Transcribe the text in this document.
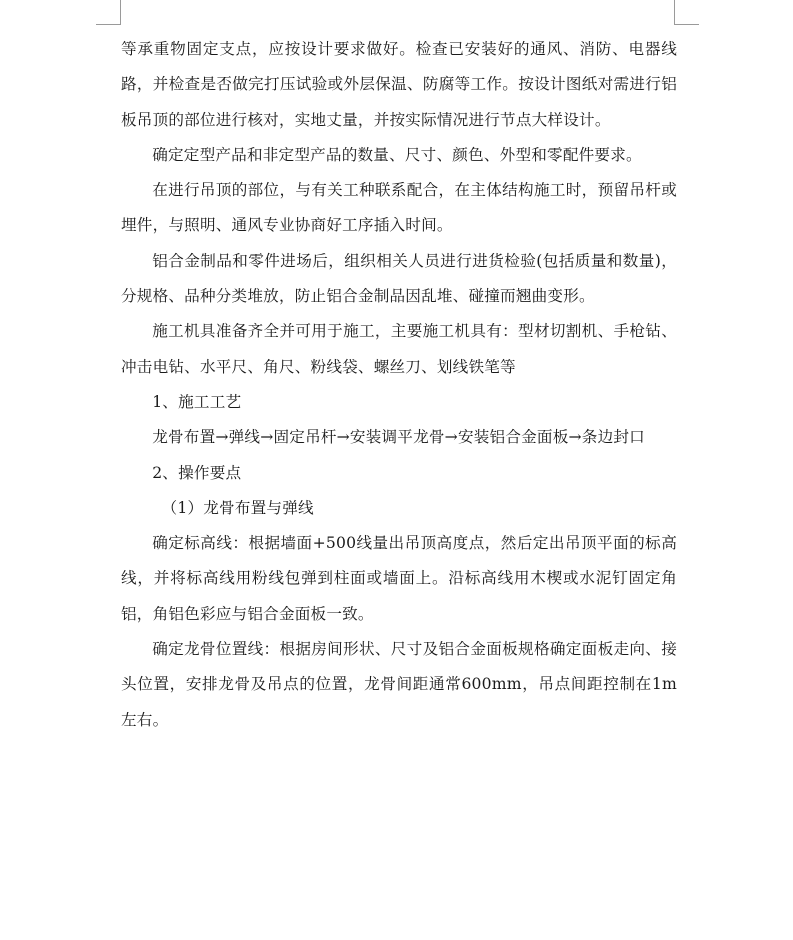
等承重物固定支点，应按设计要求做好。检查已安装好的通风、消防、电器线路，并检查是否做完打压试验或外层保温、防腐等工作。按设计图纸对需进行铝板吊顶的部位进行核对，实地丈量，并按实际情况进行节点大样设计。

确定定型产品和非定型产品的数量、尺寸、颜色、外型和零配件要求。

在进行吊顶的部位，与有关工种联系配合，在主体结构施工时，预留吊杆或埋件，与照明、通风专业协商好工序插入时间。

铝合金制品和零件进场后，组织相关人员进行进货检验(包括质量和数量)，分规格、品种分类堆放，防止铝合金制品因乱堆、碰撞而翘曲变形。

施工机具准备齐全并可用于施工，主要施工机具有：型材切割机、手枪钻、冲击电钻、水平尺、角尺、粉线袋、螺丝刀、划线铁笔等

1、施工工艺

龙骨布置→弹线→固定吊杆→安装调平龙骨→安装铝合金面板→条边封口

2、操作要点

（1）龙骨布置与弹线

确定标高线：根据墙面+500线量出吊顶高度点，然后定出吊顶平面的标高线，并将标高线用粉线包弹到柱面或墙面上。沿标高线用木楔或水泥钉固定角铝，角铝色彩应与铝合金面板一致。

确定龙骨位置线：根据房间形状、尺寸及铝合金面板规格确定面板走向、接头位置，安排龙骨及吊点的位置，龙骨间距通常600mm，吊点间距控制在1m左右。
